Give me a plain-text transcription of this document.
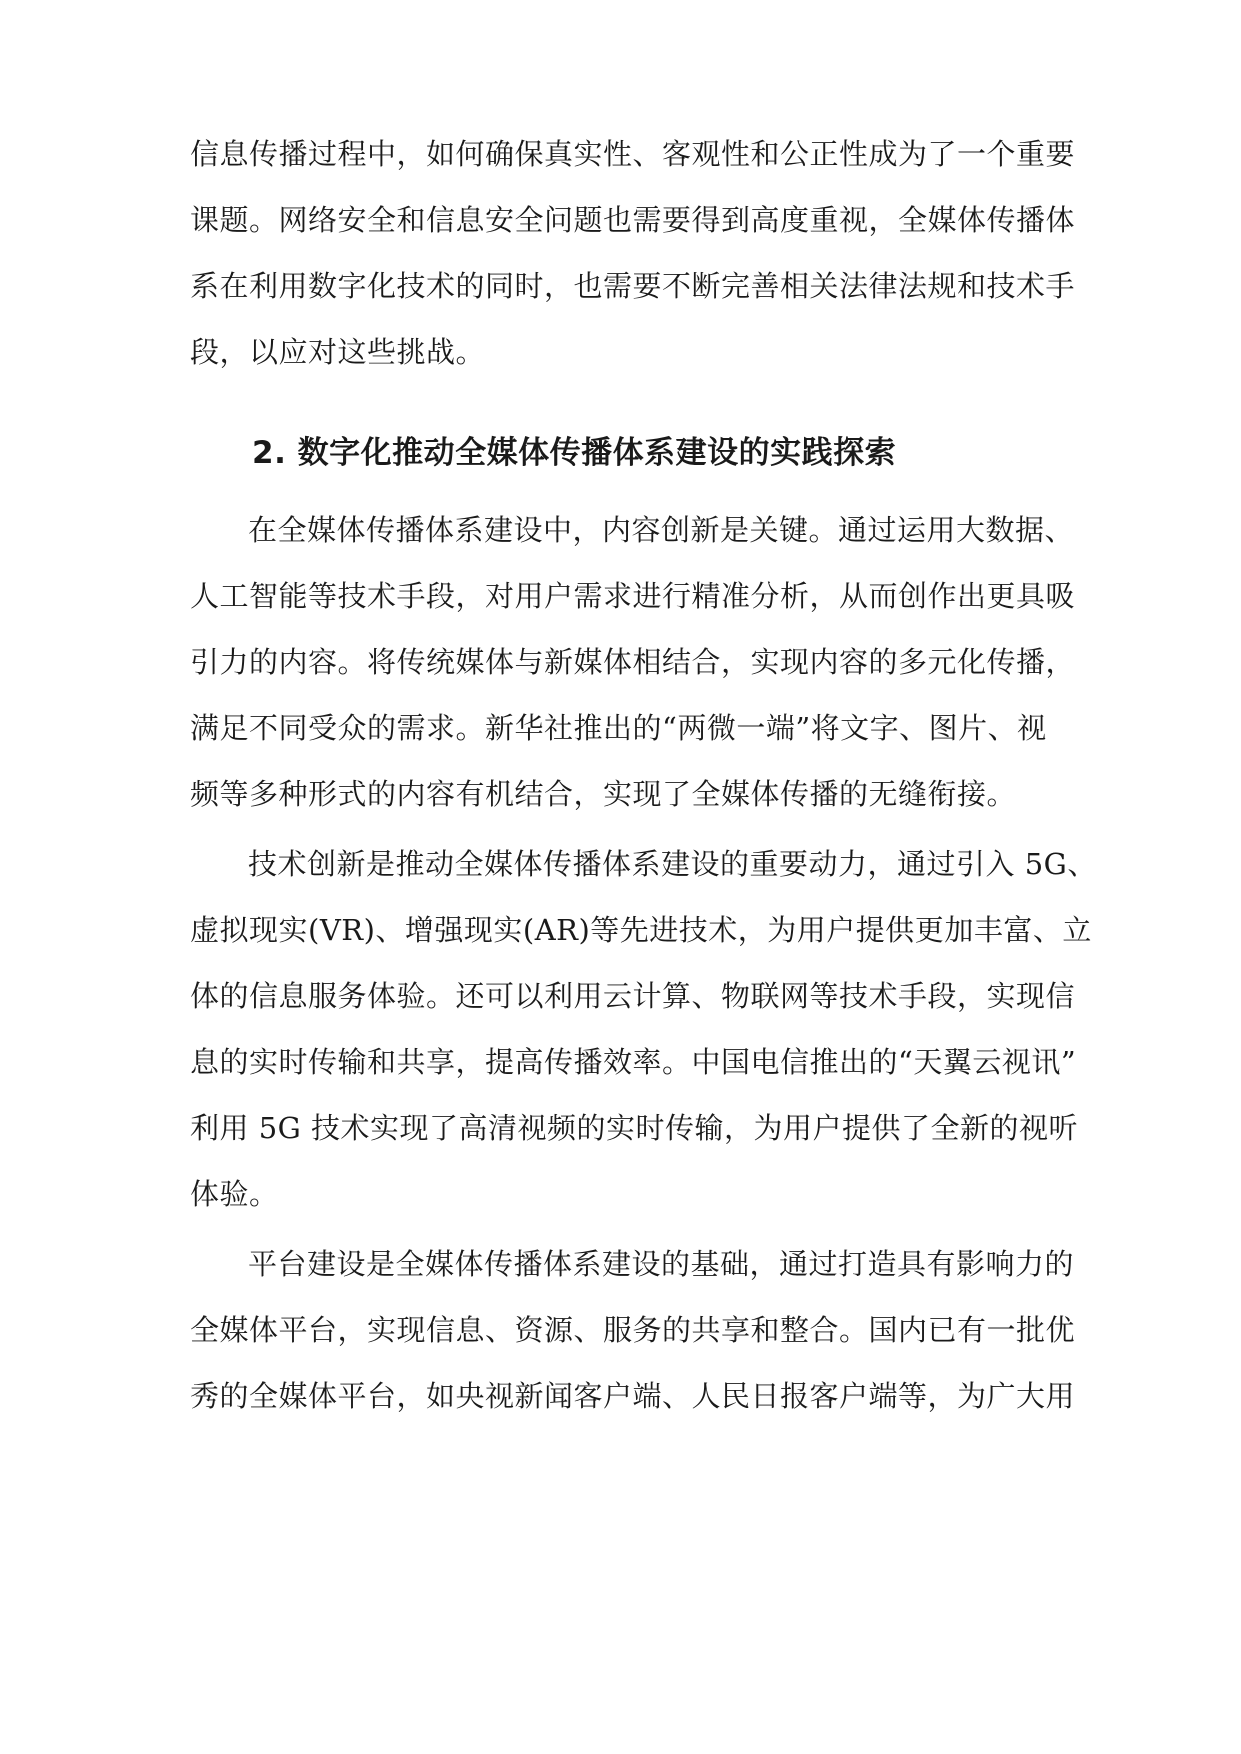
信息传播过程中，如何确保真实性、客观性和公正性成为了一个重要
课题。网络安全和信息安全问题也需要得到高度重视，全媒体传播体
系在利用数字化技术的同时，也需要不断完善相关法律法规和技术手
段，以应对这些挑战。
2. 数字化推动全媒体传播体系建设的实践探索
在全媒体传播体系建设中，内容创新是关键。通过运用大数据、
人工智能等技术手段，对用户需求进行精准分析，从而创作出更具吸
引力的内容。将传统媒体与新媒体相结合，实现内容的多元化传播，
满足不同受众的需求。新华社推出的“两微一端”将文字、图片、视
频等多种形式的内容有机结合，实现了全媒体传播的无缝衔接。
技术创新是推动全媒体传播体系建设的重要动力，通过引入 5G、
虚拟现实(VR)、增强现实(AR)等先进技术，为用户提供更加丰富、立
体的信息服务体验。还可以利用云计算、物联网等技术手段，实现信
息的实时传输和共享，提高传播效率。中国电信推出的“天翼云视讯”
利用 5G 技术实现了高清视频的实时传输，为用户提供了全新的视听
体验。
平台建设是全媒体传播体系建设的基础，通过打造具有影响力的
全媒体平台，实现信息、资源、服务的共享和整合。国内已有一批优
秀的全媒体平台，如央视新闻客户端、人民日报客户端等，为广大用
